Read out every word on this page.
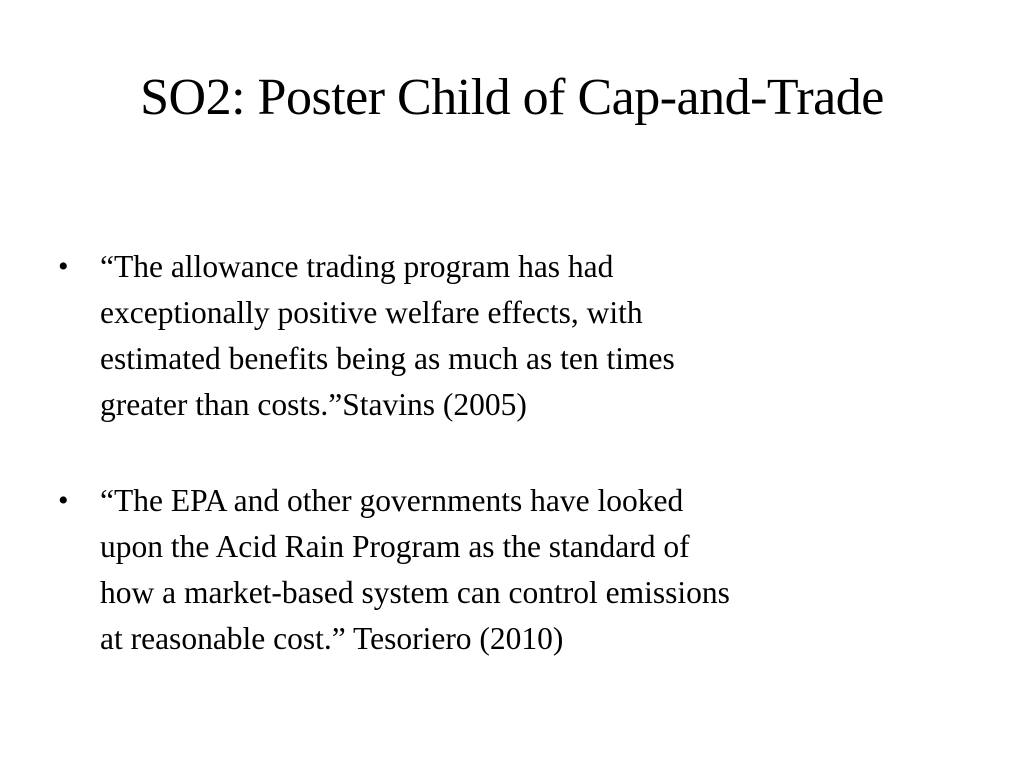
SO2: Poster Child of Cap-and-Trade
• “The allowance trading program has had
exceptionally positive welfare effects, with
estimated benefits being as much as ten times
greater than costs.”Stavins (2005)
• “The EPA and other governments have looked
upon the Acid Rain Program as the standard of
how a market-based system can control emissions
at reasonable cost.” Tesoriero (2010)
